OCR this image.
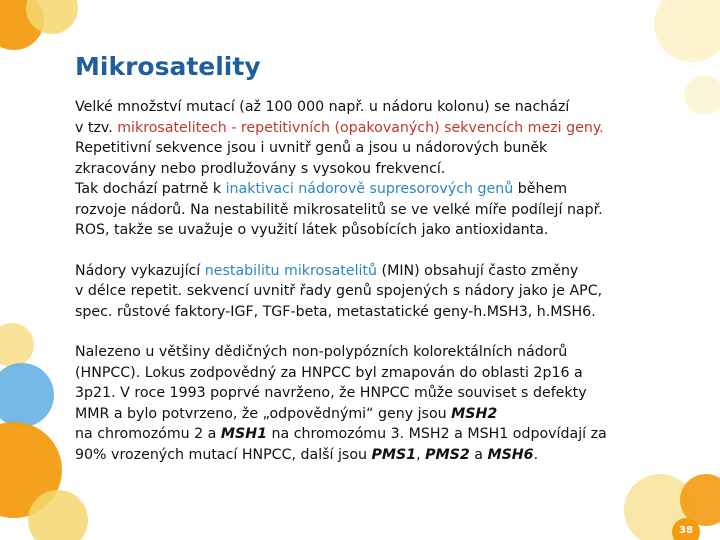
Mikrosatelity
Velké množství mutací (až 100 000 např. u nádoru kolonu) se nachází
v tzv. mikrosatelitech - repetitivních (opakovaných) sekvencích mezi geny.
Repetitivní sekvence jsou i uvnitř genů a jsou u nádorových buněk
zkracovány nebo prodlužovány s vysokou frekvencí.
Tak dochází patrně k inaktivaci nádorově supresorových genů během
rozvoje nádorů. Na nestabilitě mikrosatelitů se ve velké míře podílejí např.
ROS, takže se uvažuje o využití látek působících jako antioxidanta.
Nádory vykazující nestabilitu mikrosatelitů (MIN) obsahují často změny
v délce repetit. sekvencí uvnitř řady genů spojených s nádory jako je APC,
spec. růstové faktory-IGF, TGF-beta, metastatické geny-h.MSH3, h.MSH6.
Nalezeno u většiny dědičných non-polypózních kolorektálních nádorů
(HNPCC). Lokus zodpovědný za HNPCC byl zmapován do oblasti 2p16 a
3p21. V roce 1993 poprvé navrženo, že HNPCC může souviset s defekty
MMR a bylo potvrzeno, že „odpovědnými“ geny jsou MSH2
na chromozómu 2 a MSH1 na chromozómu 3. MSH2 a MSH1 odpovídají za
90% vrozených mutací HNPCC, další jsou PMS1, PMS2 a MSH6.
38
